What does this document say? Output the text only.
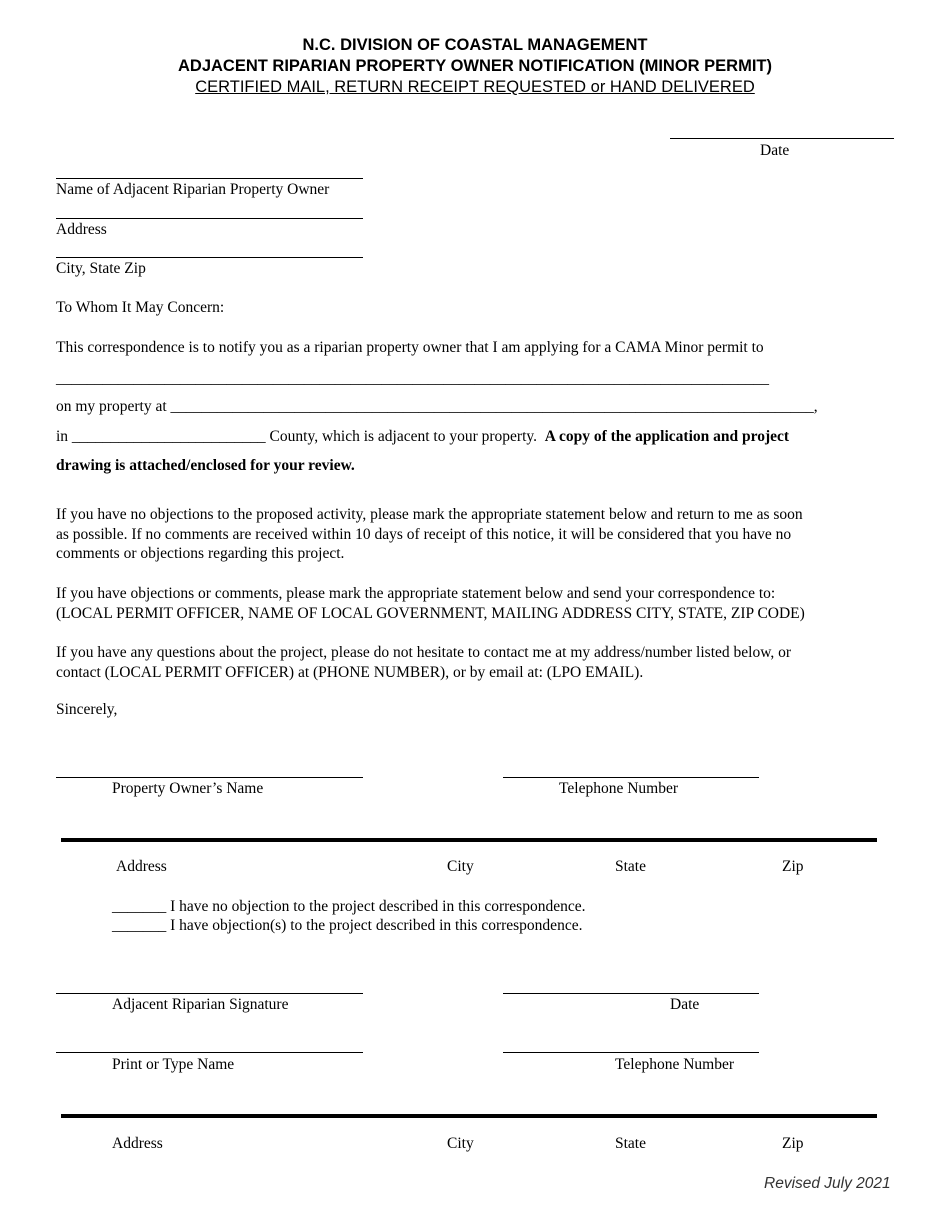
N.C. DIVISION OF COASTAL MANAGEMENT
ADJACENT RIPARIAN PROPERTY OWNER NOTIFICATION (MINOR PERMIT)
CERTIFIED MAIL, RETURN RECEIPT REQUESTED or HAND DELIVERED
Date
Name of Adjacent Riparian Property Owner
Address
City, State Zip
To Whom It May Concern:
This correspondence is to notify you as a riparian property owner that I am applying for a CAMA Minor permit to
____________________________________________________________________________________________
on my property at ___________________________________________________________________________________,
in _________________________ County, which is adjacent to your property. A copy of the application and project
drawing is attached/enclosed for your review.
If you have no objections to the proposed activity, please mark the appropriate statement below and return to me as soon
as possible. If no comments are received within 10 days of receipt of this notice, it will be considered that you have no
comments or objections regarding this project.
If you have objections or comments, please mark the appropriate statement below and send your correspondence to:
(LOCAL PERMIT OFFICER, NAME OF LOCAL GOVERNMENT, MAILING ADDRESS CITY, STATE, ZIP CODE)
If you have any questions about the project, please do not hesitate to contact me at my address/number listed below, or
contact (LOCAL PERMIT OFFICER) at (PHONE NUMBER), or by email at: (LPO EMAIL).
Sincerely,
Property Owner’s Name	Telephone Number
Address	City	State	Zip
_______ I have no objection to the project described in this correspondence.
_______ I have objection(s) to the project described in this correspondence.
Adjacent Riparian Signature	Date
Print or Type Name	Telephone Number
Address	City	State	Zip
Revised July 2021
